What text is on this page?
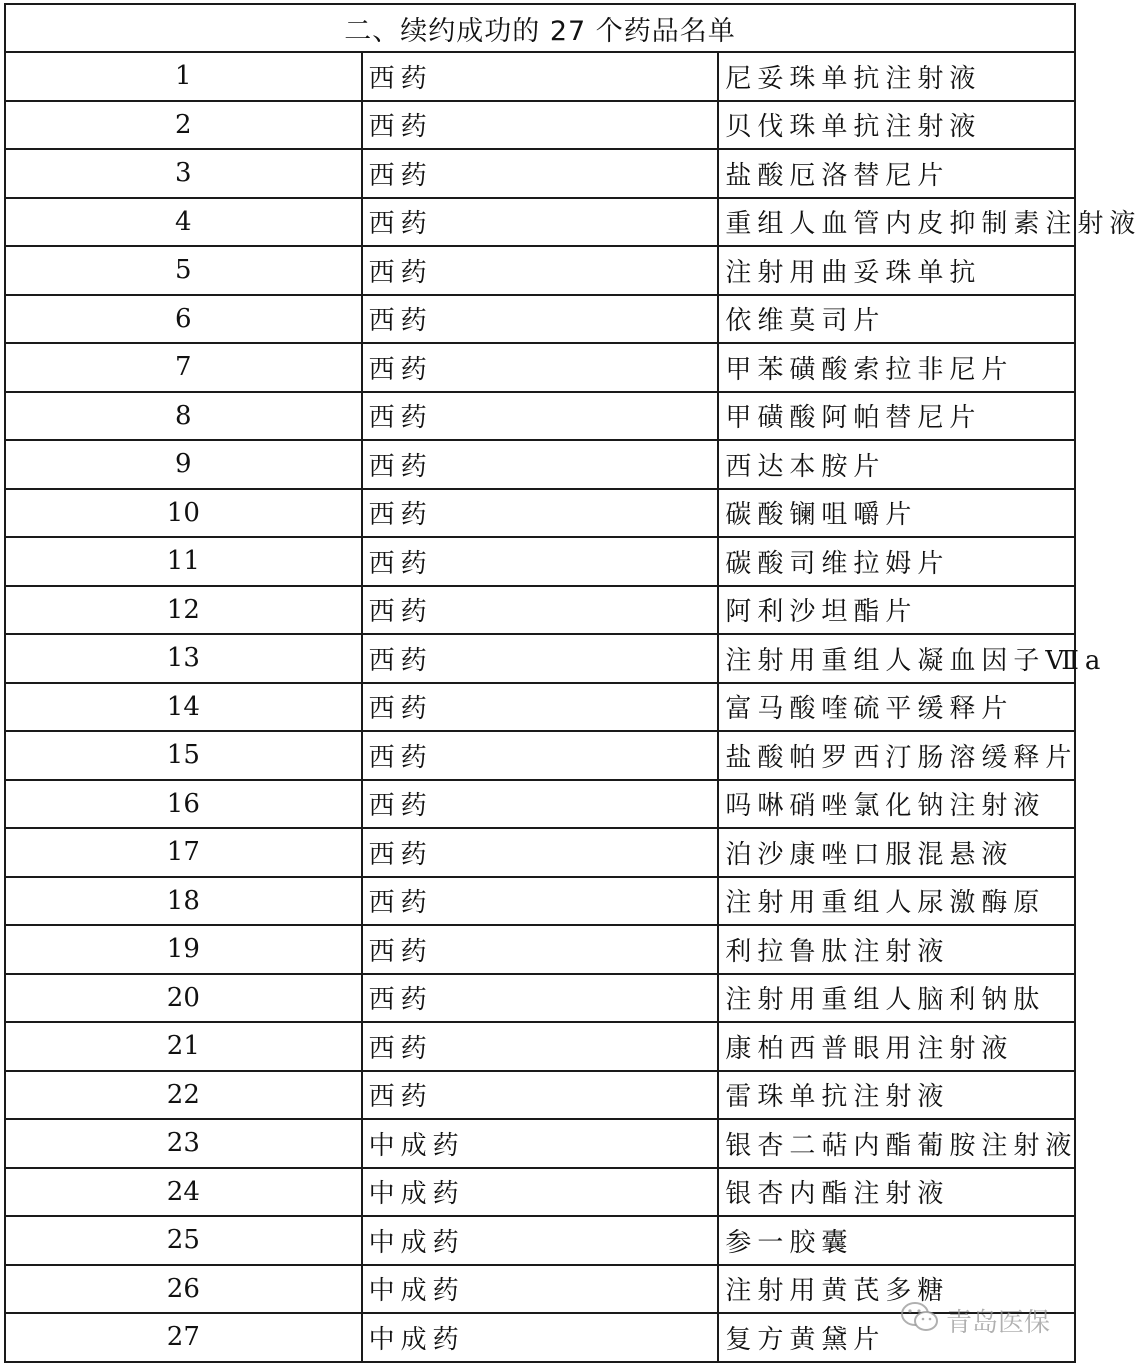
二、续约成功的 27 个药品名单		
1	西药	尼妥珠单抗注射液
2	西药	贝伐珠单抗注射液
3	西药	盐酸厄洛替尼片
4	西药	重组人血管内皮抑制素注射液
5	西药	注射用曲妥珠单抗
6	西药	依维莫司片
7	西药	甲苯磺酸索拉非尼片
8	西药	甲磺酸阿帕替尼片
9	西药	西达本胺片
10	西药	碳酸镧咀嚼片
11	西药	碳酸司维拉姆片
12	西药	阿利沙坦酯片
13	西药	注射用重组人凝血因子Ⅶa
14	西药	富马酸喹硫平缓释片
15	西药	盐酸帕罗西汀肠溶缓释片
16	西药	吗啉硝唑氯化钠注射液
17	西药	泊沙康唑口服混悬液
18	西药	注射用重组人尿激酶原
19	西药	利拉鲁肽注射液
20	西药	注射用重组人脑利钠肽
21	西药	康柏西普眼用注射液
22	西药	雷珠单抗注射液
23	中成药	银杏二萜内酯葡胺注射液
24	中成药	银杏内酯注射液
25	中成药	参一胶囊
26	中成药	注射用黄芪多糖
27	中成药	复方黄黛片
青岛医保
